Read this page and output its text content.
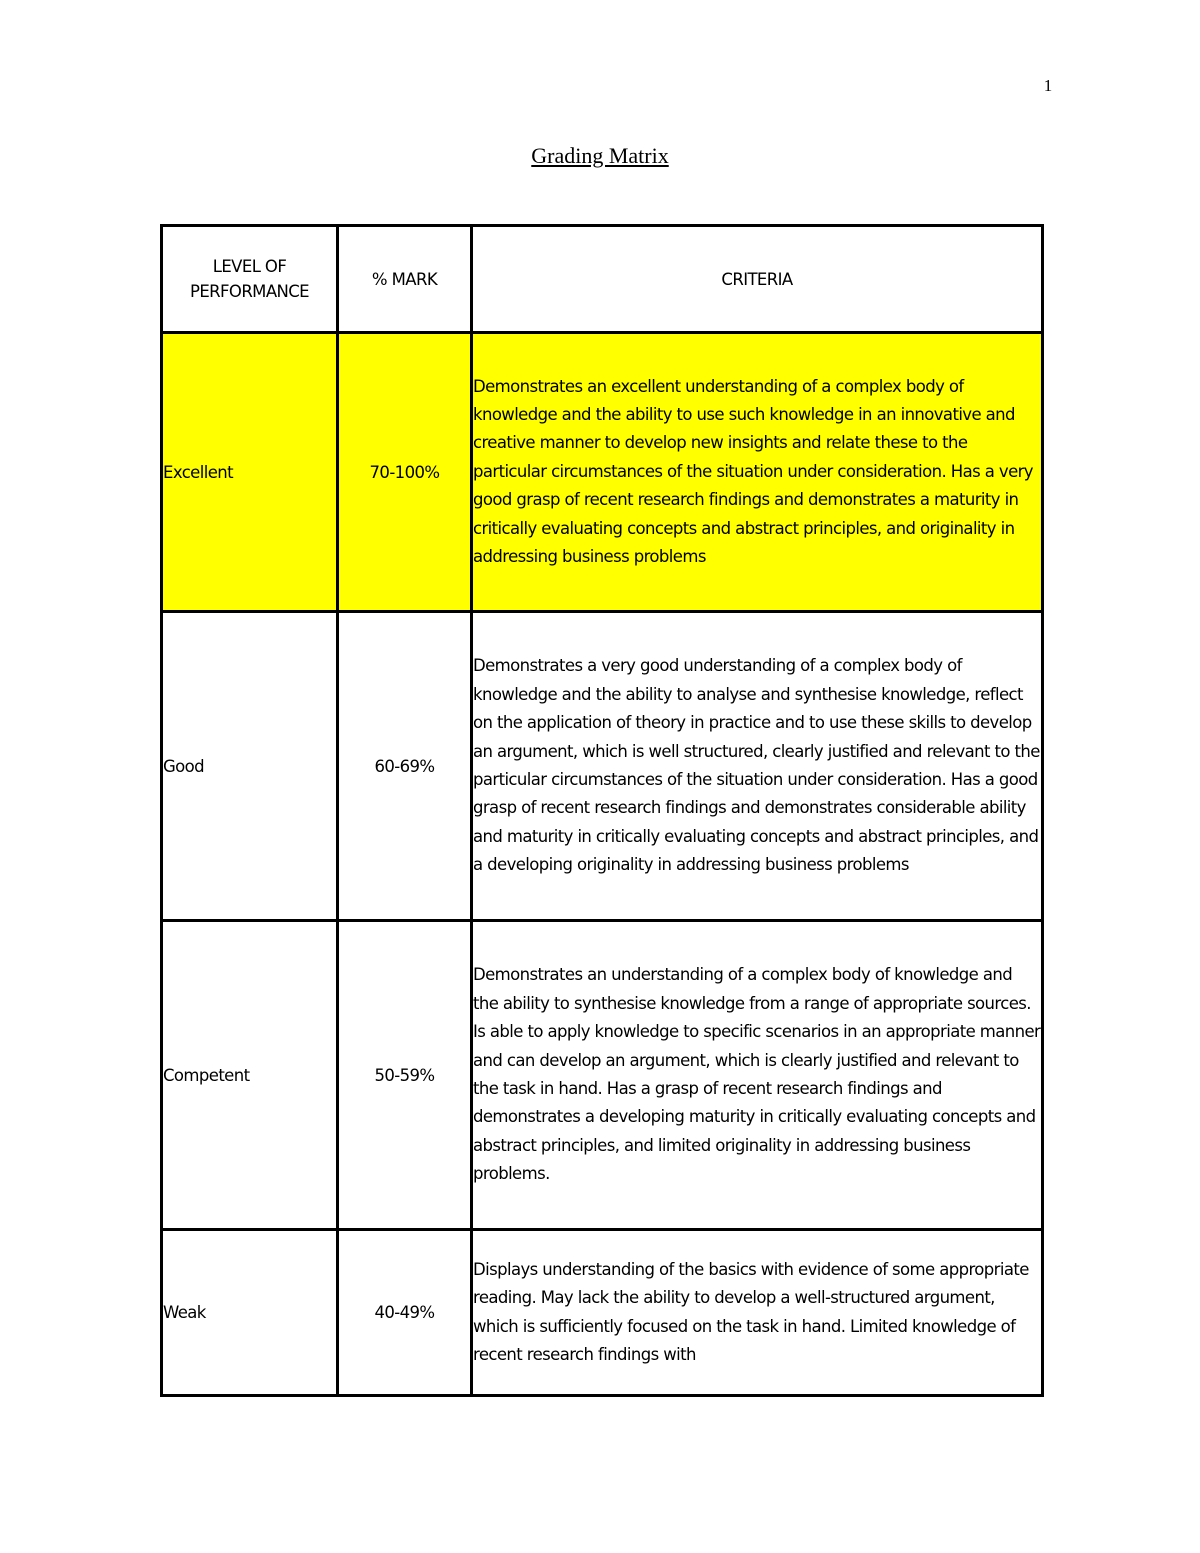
1
Grading Matrix
LEVEL OF PERFORMANCE	% MARK	CRITERIA
Excellent	70-100%	Demonstrates an excellent understanding of a complex body of knowledge and the ability to use such knowledge in an innovative and creative manner to develop new insights and relate these to the particular circumstances of the situation under consideration. Has a very good grasp of recent research findings and demonstrates a maturity in critically evaluating concepts and abstract principles, and originality in addressing business problems
Good	60-69%	Demonstrates a very good understanding of a complex body of knowledge and the ability to analyse and synthesise knowledge, reflect on the application of theory in practice and to use these skills to develop an argument, which is well structured, clearly justified and relevant to the particular circumstances of the situation under consideration. Has a good grasp of recent research findings and demonstrates considerable ability and maturity in critically evaluating concepts and abstract principles, and a developing originality in addressing business problems
Competent	50-59%	Demonstrates an understanding of a complex body of knowledge and the ability to synthesise knowledge from a range of appropriate sources. Is able to apply knowledge to specific scenarios in an appropriate manner and can develop an argument, which is clearly justified and relevant to the task in hand. Has a grasp of recent research findings and demonstrates a developing maturity in critically evaluating concepts and abstract principles, and limited originality in addressing business problems.
Weak	40-49%	Displays understanding of the basics with evidence of some appropriate reading. May lack the ability to develop a well-structured argument, which is sufficiently focused on the task in hand. Limited knowledge of recent research findings with
